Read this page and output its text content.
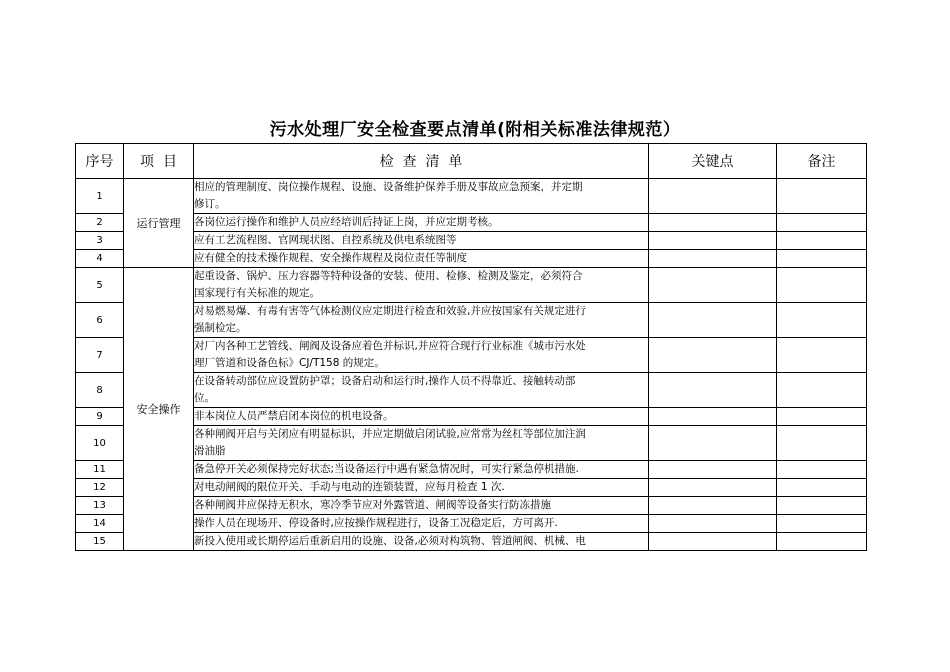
污水处理厂安全检查要点清单(附相关标准法律规范）
序号	项  目	检  查  清  单	关键点	备注
1	运行管理	相应的管理制度、岗位操作规程、设施、设备维护保养手册及事故应急预案，并定期
修订。		

2		各岗位运行操作和维护人员应经培训后持证上岗，并应定期考核。		

3		应有工艺流程图、官网现状图、自控系统及供电系统图等		

4		应有健全的技术操作规程、安全操作规程及岗位责任等制度		

5	安全操作	起重设备、锅炉、压力容器等特种设备的安装、使用、检修、检测及鉴定，必须符合
国家现行有关标准的规定。		

6		对易燃易爆、有毒有害等气体检测仪应定期进行检查和效验,并应按国家有关规定进行
强制检定。		

7		对厂内各种工艺管线、闸阀及设备应着色并标识,并应符合现行行业标准《城市污水处
理厂管道和设备色标》CJ/T158 的规定。		

8		在设备转动部位应设置防护罩；设备启动和运行时,操作人员不得靠近、接触转动部
位。		

9		非本岗位人员严禁启闭本岗位的机电设备。		

10		各种闸阀开启与关闭应有明显标识，并应定期做启闭试验,应常常为丝杠等部位加注润
滑油脂		

11		备急停开关必须保持完好状态;当设备运行中遇有紧急情况时，可实行紧急停机措施.		

12		对电动闸阀的限位开关、手动与电动的连锁装置，应每月检查 1 次.		

13		各种闸阀井应保持无积水，寒冷季节应对外露管道、闸阀等设备实行防冻措施		

14		操作人员在现场开、停设备时,应按操作规程进行，设备工况稳定后，方可离开.		

15		新投入使用或长期停运后重新启用的设施、设备,必须对构筑物、管道闸阀、机械、电		
